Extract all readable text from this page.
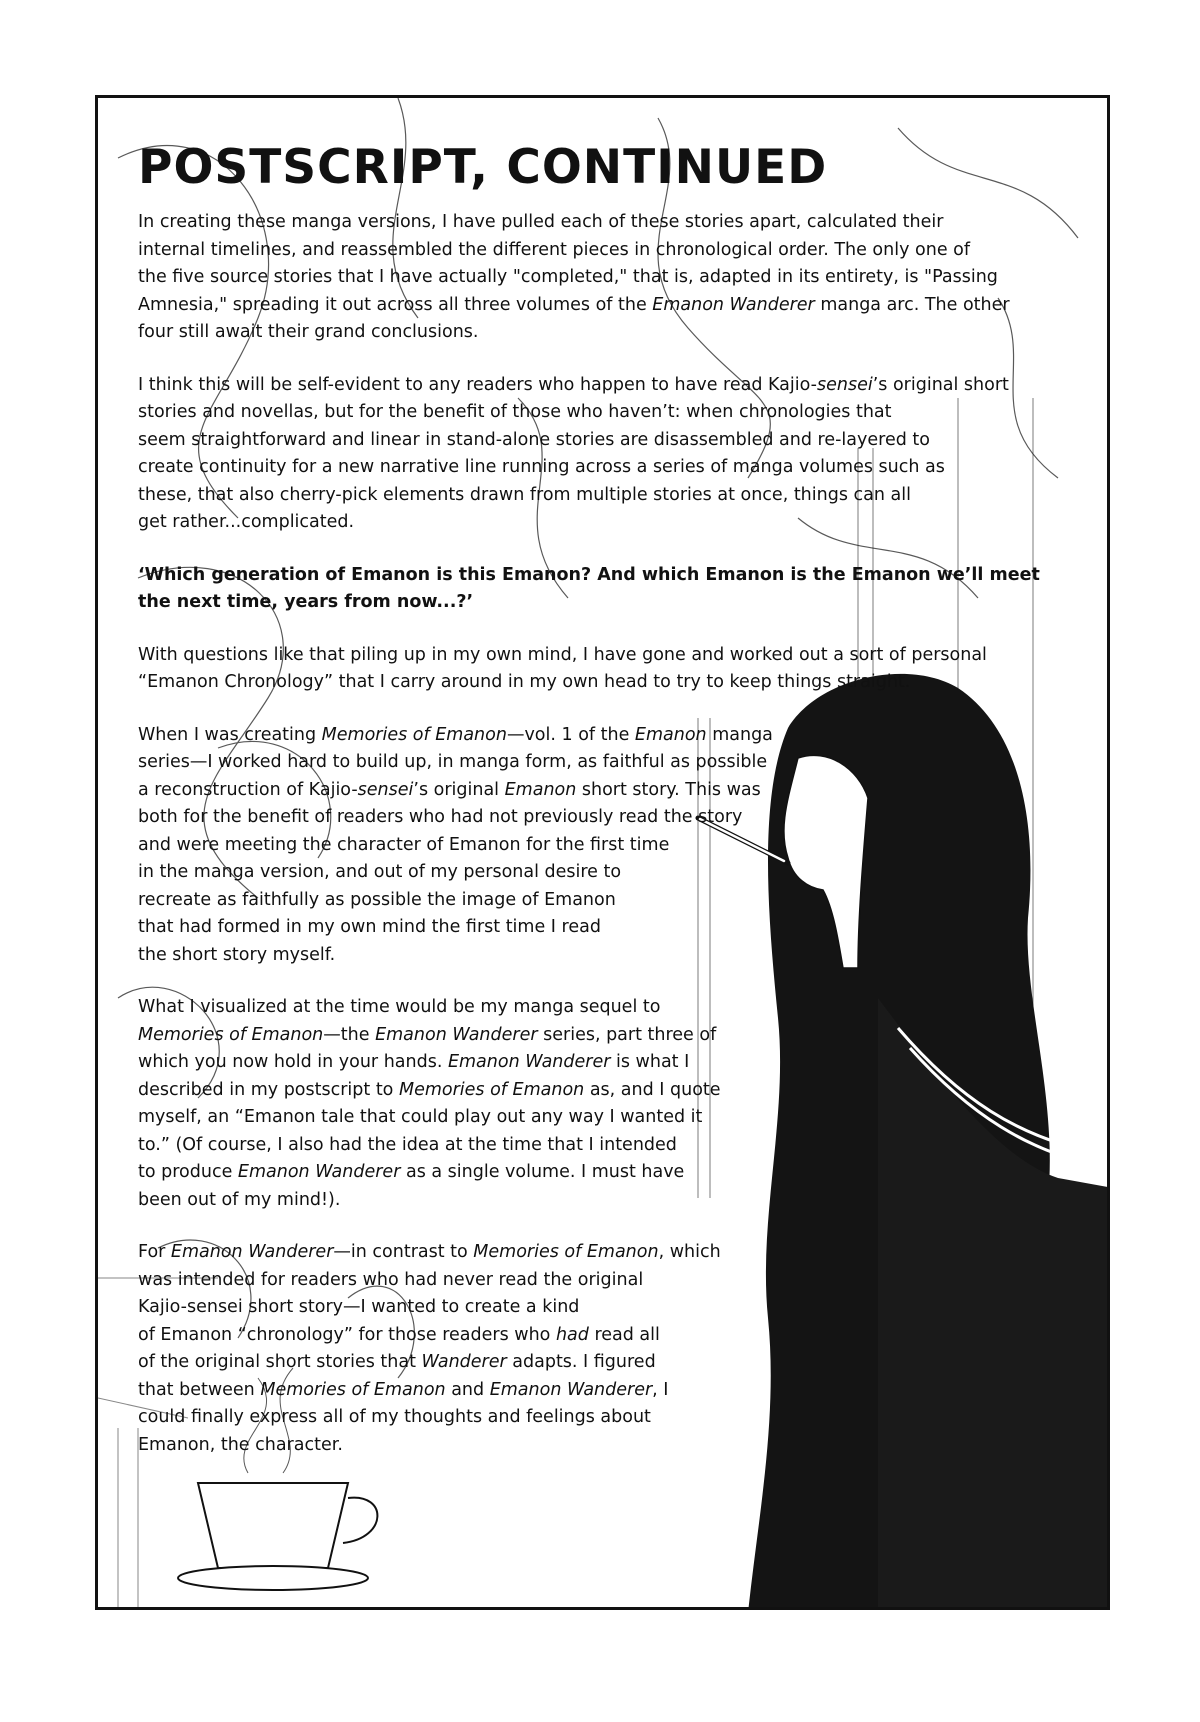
POSTSCRIPT, CONTINUED

In creating these manga versions, I have pulled each of these stories apart, calculated their
internal timelines, and reassembled the different pieces in chronological order. The only one of
the five source stories that I have actually "completed," that is, adapted in its entirety, is "Passing
Amnesia," spreading it out across all three volumes of the Emanon Wanderer manga arc. The other
four still await their grand conclusions.

I think this will be self-evident to any readers who happen to have read Kajio-sensei’s original short
stories and novellas, but for the benefit of those who haven’t: when chronologies that
seem straightforward and linear in stand-alone stories are disassembled and re-layered to
create continuity for a new narrative line running across a series of manga volumes such as
these, that also cherry-pick elements drawn from multiple stories at once, things can all
get rather...complicated.

‘Which generation of Emanon is this Emanon? And which Emanon is the Emanon we’ll meet
the next time, years from now...?’

With questions like that piling up in my own mind, I have gone and worked out a sort of personal
“Emanon Chronology” that I carry around in my own head to try to keep things straight.

When I was creating Memories of Emanon—vol. 1 of the Emanon manga
series—I worked hard to build up, in manga form, as faithful as possible
a reconstruction of Kajio-sensei’s original Emanon short story. This was
both for the benefit of readers who had not previously read the story
and were meeting the character of Emanon for the first time
in the manga version, and out of my personal desire to
recreate as faithfully as possible the image of Emanon
that had formed in my own mind the first time I read
the short story myself.

What I visualized at the time would be my manga sequel to
Memories of Emanon—the Emanon Wanderer series, part three of
which you now hold in your hands. Emanon Wanderer is what I
described in my postscript to Memories of Emanon as, and I quote
myself, an “Emanon tale that could play out any way I wanted it
to.” (Of course, I also had the idea at the time that I intended
to produce Emanon Wanderer as a single volume. I must have
been out of my mind!).

For Emanon Wanderer—in contrast to Memories of Emanon, which
was intended for readers who had never read the original
Kajio-sensei short story—I wanted to create a kind
of Emanon “chronology” for those readers who had read all
of the original short stories that Wanderer adapts. I figured
that between Memories of Emanon and Emanon Wanderer, I
could finally express all of my thoughts and feelings about
Emanon, the character.
